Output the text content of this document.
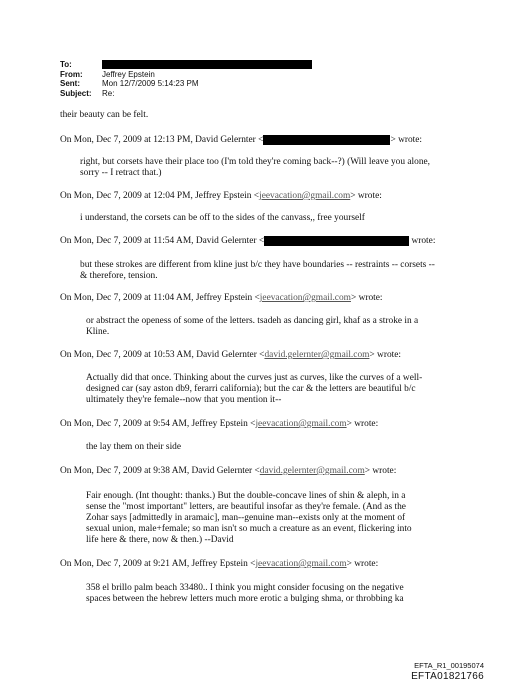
To:
From:	Jeffrey Epstein
Sent:	Mon 12/7/2009 5:14:23 PM
Subject:	Re:
their beauty can be felt.
On Mon, Dec 7, 2009 at 12:13 PM, David Gelernter <	> wrote:
right, but corsets have their place too (I'm told they're coming back--?) (Will leave you alone,
sorry -- I retract that.)
On Mon, Dec 7, 2009 at 12:04 PM, Jeffrey Epstein <jeevacation@gmail.com> wrote:
i understand, the corsets can be off to the sides of the canvass,, free yourself
On Mon, Dec 7, 2009 at 11:54 AM, David Gelernter <	wrote:
but these strokes are different from kline just b/c they have boundaries -- restraints -- corsets --
& therefore, tension.
On Mon, Dec 7, 2009 at 11:04 AM, Jeffrey Epstein <jeevacation@gmail.com> wrote:
or abstract the openess of some of the letters. tsadeh as dancing girl, khaf as a stroke in a
Kline.
On Mon, Dec 7, 2009 at 10:53 AM, David Gelernter <david.gelernter@gmail.com> wrote:
Actually did that once. Thinking about the curves just as curves, like the curves of a well-
designed car (say aston db9, ferarri california); but the car & the letters are beautiful b/c
ultimately they're female--now that you mention it--
On Mon, Dec 7, 2009 at 9:54 AM, Jeffrey Epstein <jeevacation@gmail.com> wrote:
the lay them on their side
On Mon, Dec 7, 2009 at 9:38 AM, David Gelernter <david.gelernter@gmail.com> wrote:
Fair enough. (Int thought: thanks.) But the double-concave lines of shin & aleph, in a
sense the "most important" letters, are beautiful insofar as they're female. (And as the
Zohar says [admittedly in aramaic], man--genuine man--exists only at the moment of
sexual union, male+female; so man isn't so much a creature as an event, flickering into
life here & there, now & then.) --David
On Mon, Dec 7, 2009 at 9:21 AM, Jeffrey Epstein <jeevacation@gmail.com> wrote:
358 el brillo palm beach 33480.. I think you might consider focusing on the negative
spaces between the hebrew letters much more erotic a bulging shma, or throbbing ka
EFTA_R1_00195074
EFTA01821766
